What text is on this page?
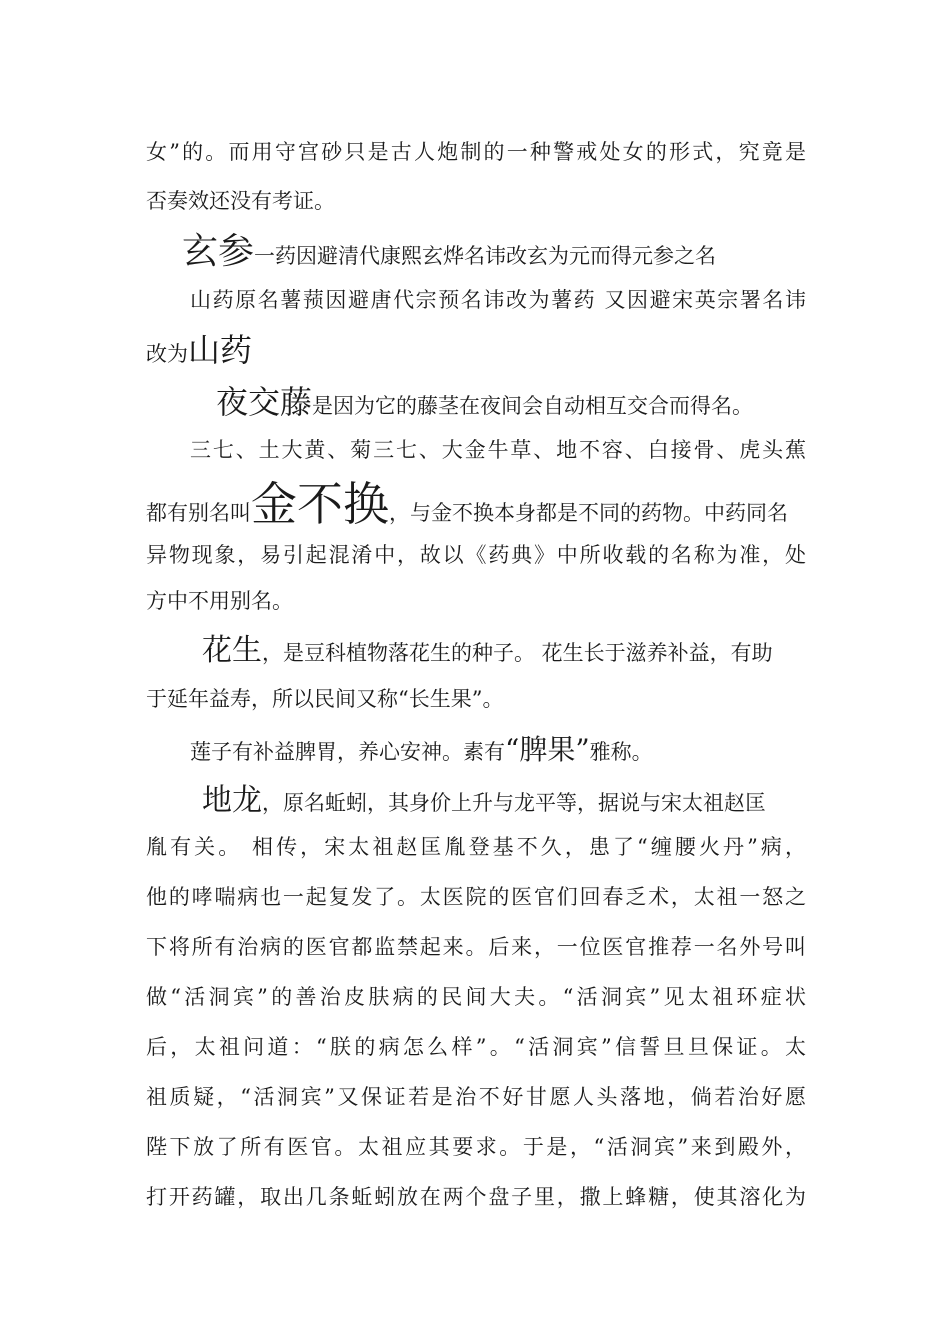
女”的。而用守宫砂只是古人炮制的一种警戒处女的形式，究竟是
否奏效还没有考证。
玄参一药因避清代康熙玄烨名讳改玄为元而得元参之名
山药原名薯蓣因避唐代宗预名讳改为薯药 又因避宋英宗署名讳
改为山药
夜交藤是因为它的藤茎在夜间会自动相互交合而得名。
三七、土大黄、菊三七、大金牛草、地不容、白接骨、虎头蕉
都有别名叫金不换，与金不换本身都是不同的药物。中药同名
异物现象，易引起混淆中，故以《药典》中所收载的名称为准，处
方中不用别名。
花生，是豆科植物落花生的种子。 花生长于滋养补益，有助
于延年益寿，所以民间又称“长生果”。
莲子有补益脾胃，养心安神。素有“脾果”雅称。
地龙，原名蚯蚓，其身价上升与龙平等，据说与宋太祖赵匡
胤有关。 相传，宋太祖赵匡胤登基不久，患了“缠腰火丹”病，
他的哮喘病也一起复发了。太医院的医官们回春乏术，太祖一怒之
下将所有治病的医官都监禁起来。后来，一位医官推荐一名外号叫
做“活洞宾”的善治皮肤病的民间大夫。“活洞宾”见太祖环症状
后，太祖问道：“朕的病怎么样”。“活洞宾”信誓旦旦保证。太
祖质疑，“活洞宾”又保证若是治不好甘愿人头落地，倘若治好愿
陛下放了所有医官。太祖应其要求。于是，“活洞宾”来到殿外，
打开药罐，取出几条蚯蚓放在两个盘子里，撒上蜂糖，使其溶化为
